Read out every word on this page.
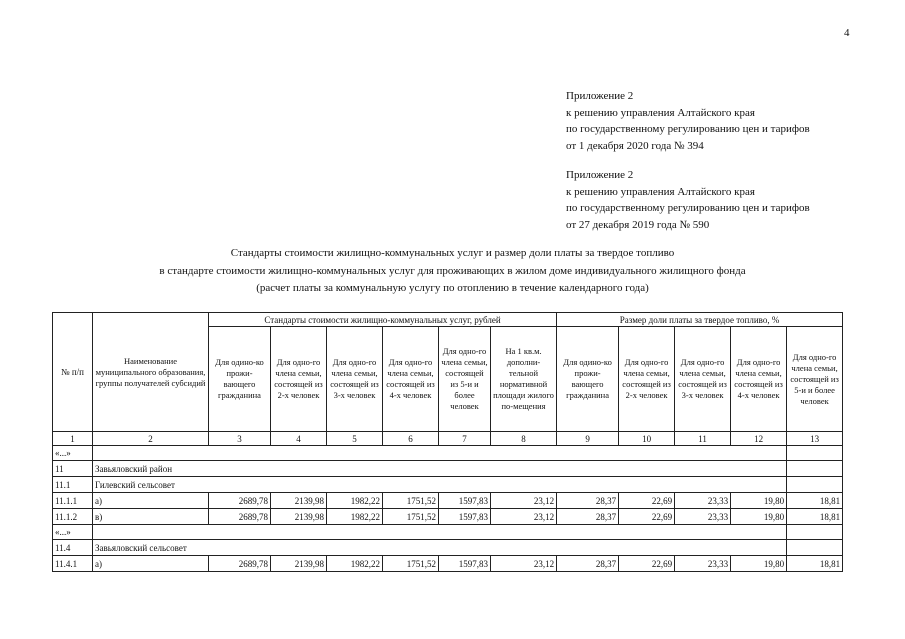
4
Приложение 2
к решению управления Алтайского края
по государственному регулированию цен и тарифов
от 1 декабря 2020 года № 394
Приложение 2
к решению управления Алтайского края
по государственному регулированию цен и тарифов
от 27 декабря 2019 года № 590
Стандарты стоимости жилищно-коммунальных услуг и размер доли платы за твердое топливо
в стандарте стоимости жилищно-коммунальных услуг для проживающих в жилом доме индивидуального жилищного фонда
(расчет платы за коммунальную услугу по отоплению в течение календарного года)
№ п/п	Наименование муниципального образования, группы получателей субсидий	Стандарты стоимости жилищно-коммунальных услуг, рублей						Размер доли платы за твердое топливо, %				
		Для одино-ко прожи-вающего гражданина	Для одно-го члена семьи, состоящей из 2-х человек	Для одно-го члена семьи, состоящей из 3-х человек	Для одно-го члена семьи, состоящей из 4-х человек	Для одно-го члена семьи, состоящей из 5-и и более человек	На 1 кв.м. дополни-тельной нормативной площади жилого по-мещения	Для одино-ко прожи-вающего гражданина	Для одно-го члена семьи, состоящей из 2-х человек	Для одно-го члена семьи, состоящей из 3-х человек	Для одно-го члена семьи, состоящей из 4-х человек	Для одно-го члена семьи, состоящей из 5-и и более человек
1	2	3	4	5	6	7	8	9	10	11	12	13
«...»												
11	Завьяловский район											
11.1	Гилевский сельсовет											
11.1.1	а)	2689,78	2139,98	1982,22	1751,52	1597,83	23,12	28,37	22,69	23,33	19,80	18,81
11.1.2	в)	2689,78	2139,98	1982,22	1751,52	1597,83	23,12	28,37	22,69	23,33	19,80	18,81
«...»												
11.4	Завьяловский сельсовет											
11.4.1	а)	2689,78	2139,98	1982,22	1751,52	1597,83	23,12	28,37	22,69	23,33	19,80	18,81
